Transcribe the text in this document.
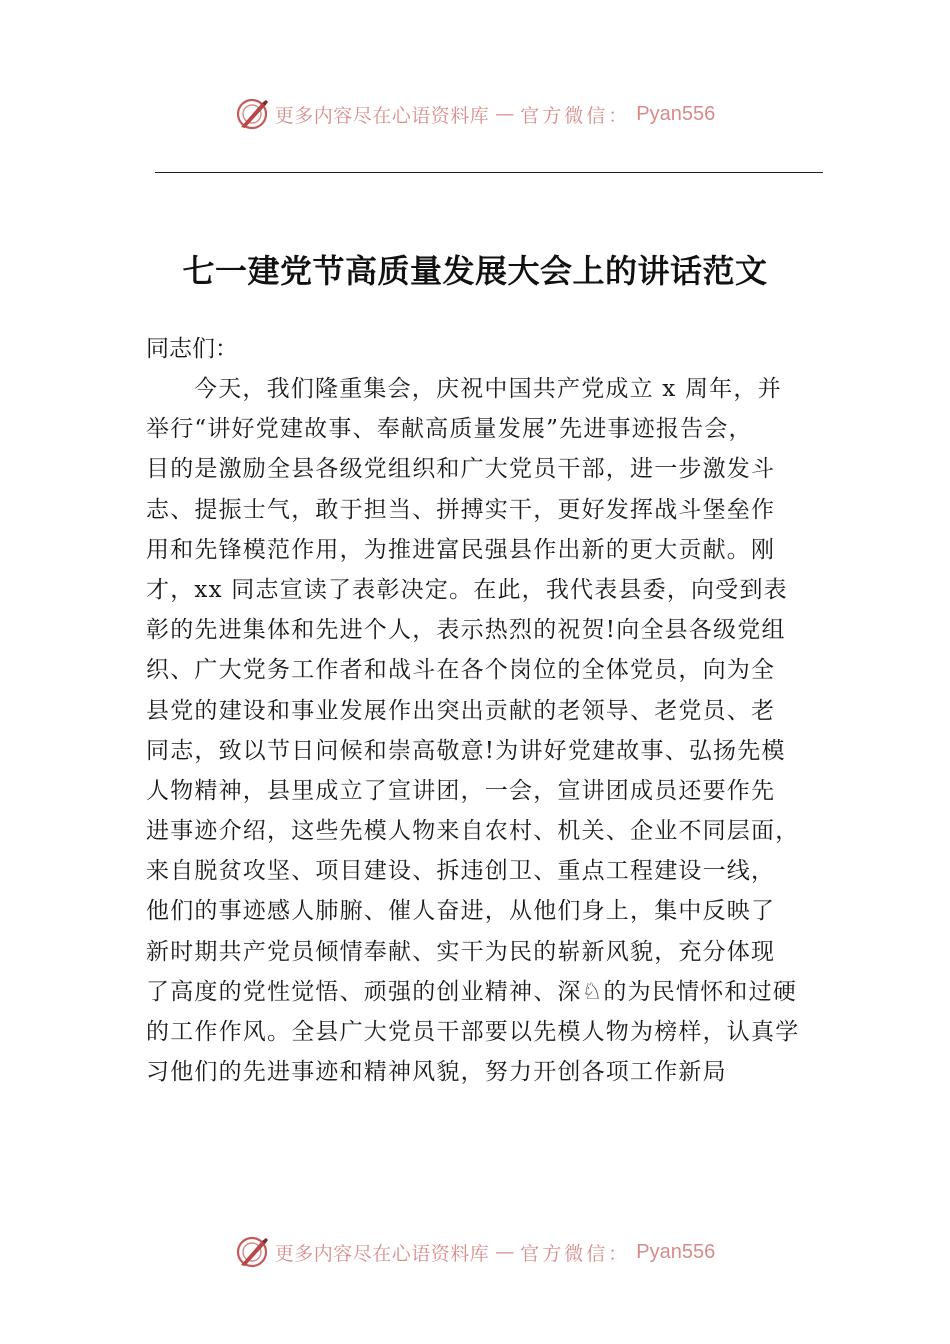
更多内容尽在心语资料库 — 官方微信： Pyan556
七一建党节高质量发展大会上的讲话范文
同志们：
今天，我们隆重集会，庆祝中国共产党成立 x 周年，并
举行“讲好党建故事、奉献高质量发展”先进事迹报告会，
目的是激励全县各级党组织和广大党员干部，进一步激发斗
志、提振士气，敢于担当、拼搏实干，更好发挥战斗堡垒作
用和先锋模范作用，为推进富民强县作出新的更大贡献。刚
才，xx 同志宣读了表彰决定。在此，我代表县委，向受到表
彰的先进集体和先进个人，表示热烈的祝贺!向全县各级党组
织、广大党务工作者和战斗在各个岗位的全体党员，向为全
县党的建设和事业发展作出突出贡献的老领导、老党员、老
同志，致以节日问候和崇高敬意!为讲好党建故事、弘扬先模
人物精神，县里成立了宣讲团，一会，宣讲团成员还要作先
进事迹介绍，这些先模人物来自农村、机关、企业不同层面，
来自脱贫攻坚、项目建设、拆违创卫、重点工程建设一线，
他们的事迹感人肺腑、催人奋进，从他们身上，集中反映了
新时期共产党员倾情奉献、实干为民的崭新风貌，充分体现
了高度的党性觉悟、顽强的创业精神、深♘的为民情怀和过硬
的工作作风。全县广大党员干部要以先模人物为榜样，认真学
习他们的先进事迹和精神风貌，努力开创各项工作新局
更多内容尽在心语资料库 — 官方微信： Pyan556
